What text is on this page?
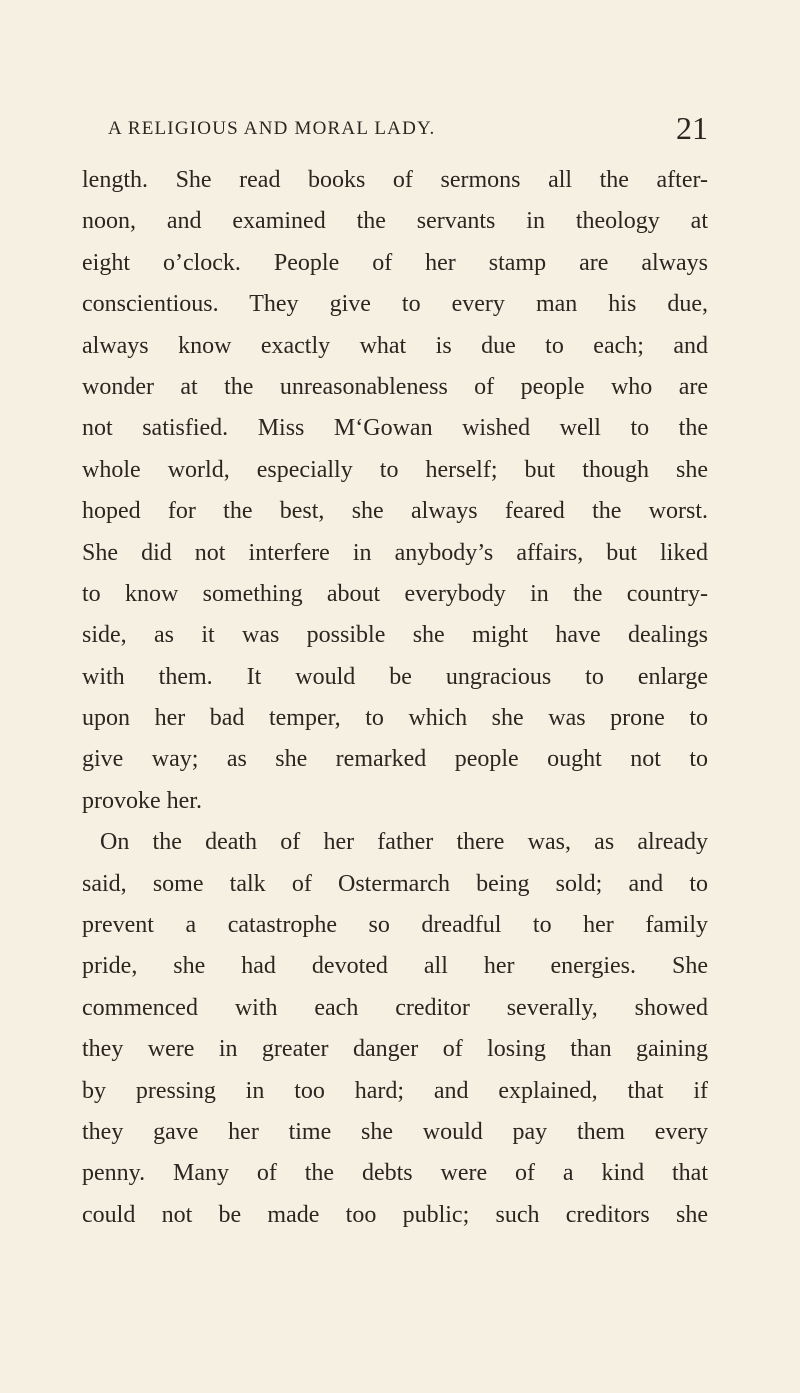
A RELIGIOUS AND MORAL LADY.	21
length. She read books of sermons all the after-
noon, and examined the servants in theology at
eight o’clock. People of her stamp are always
conscientious. They give to every man his due,
always know exactly what is due to each; and
wonder at the unreasonableness of people who are
not satisfied. Miss M‘Gowan wished well to the
whole world, especially to herself; but though she
hoped for the best, she always feared the worst.
She did not interfere in anybody’s affairs, but liked
to know something about everybody in the country-
side, as it was possible she might have dealings
with them. It would be ungracious to enlarge
upon her bad temper, to which she was prone to
give way; as she remarked people ought not to
provoke her.
On the death of her father there was, as already
said, some talk of Ostermarch being sold; and to
prevent a catastrophe so dreadful to her family
pride, she had devoted all her energies. She
commenced with each creditor severally, showed
they were in greater danger of losing than gaining
by pressing in too hard; and explained, that if
they gave her time she would pay them every
penny. Many of the debts were of a kind that
could not be made too public; such creditors she
